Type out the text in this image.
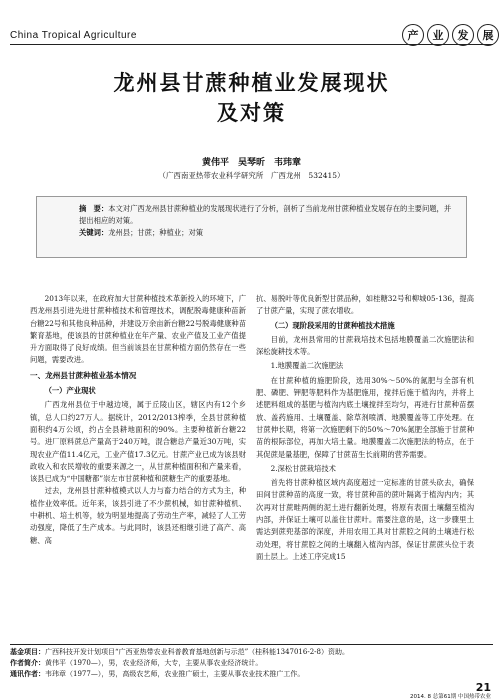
China Tropical Agriculture	产	业	发	展
龙州县甘蔗种植业发展现状
及对策
黄伟平　吴琴昕　韦玮章
（广西南亚热带农业科学研究所　广西龙州　532415）
摘　要：本文对广西龙州县甘蔗种植业的发展现状进行了分析，剖析了当前龙州甘蔗种植业发展存在的主要问题，并提出相应的对策。
关键词：龙州县；甘蔗；种植业；对策

2013年以来，在政府加大甘蔗种植技术革新投入的环境下，广西龙州县引进先进甘蔗种植技术和管理技术，调配脱毒健康种苗新台糖22号和其他良种品种，并建设万余亩新台糖22号脱毒健康种苗繁育基地，使该县的甘蔗种植业在年产量、农业产值及工业产值提升方面取得了良好成绩。但当前该县在甘蔗种植方面仍然存在一些问题，需要改进。

一、龙州县甘蔗种植业基本情况
（一）产业现状

广西龙州县位于中越边境，属于丘陵山区，辖区内有12个乡镇，总人口约27万人。据统计，2012/2013榨季，全县甘蔗种植面积约4万公顷，约占全县耕地面积的90%。主要种植新台糖22号。进厂原料蔗总产量高于240万吨，混合糖总产量近30万吨，实现农业产值11.4亿元，工业产值17.3亿元。甘蔗产业已成为该县财政收入和农民增收的重要来源之一，从甘蔗种植面积和产量来看，该县已成为“中国糖都”崇左市甘蔗种植和蔗糖生产的重要基地。

过去，龙州县甘蔗种植模式以人力与畜力结合的方式为主，种植作业效率低。近年来，该县引进了不少蔗机械，如甘蔗种植机、中耕机、培土机等，较为明显地提高了劳动生产率，减轻了人工劳动强度，降低了生产成本。与此同时，该县还相继引进了高产、高糖、高

抗、易脱叶等优良新型甘蔗品种，如桂糖32号和柳城05-136，提高了甘蔗产量，实现了蔗农增收。

（二）现阶段采用的甘蔗种植技术措施

目前，龙州县常用的甘蔗栽培技术包括地膜覆盖二次施肥法和深松旋耕技术等。

1.地膜覆盖二次施肥法

在甘蔗种植的施肥阶段，选用30%～50%的氮肥与全部有机肥、磷肥、钾肥等肥料作为基肥施用，搅拌后施于植沟内，并将上述肥料组成的基肥与植沟内底土壤搅拌至均匀，再进行甘蔗种苗摆放、盖药施用、土壤覆盖、除草剂喷洒、地膜覆盖等工序处理。在甘蔗伸长期，将第一次施肥剩下的50%～70%氮肥全部施于甘蔗种苗的根际部位，再加大培土量。地膜覆盖二次施肥法的特点，在于其促蔗是量基肥，保障了甘蔗苗生长前期的营养需要。

2.深松甘蔗栽培技术

首先将甘蔗种植区域内高度超过一定标准的甘蔗头砍去，确保田间甘蔗种苗的高度一致，将甘蔗种苗的蔗叶隔离于植沟内内；其次再对甘蔗畦两侧的泥土进行翻新处理，将原有表面土壤翻至植沟内部，并保证土壤可以盖住甘蔗叶。需要注意的是，这一步骤里土需达到蔗兜基部的深度，并用农用工具对甘蔗腔之间的土壤进行松动处理，将甘蔗腔之间的土壤翻入植沟内部，保证甘蔗蔗头位于表面土层上。上述工序完成15

基金项目：广西科技开发计划项目“广西亚热带农业科普教育基地创新与示范”（桂科能1347016-2-8）资助。
作者简介：黄伟平（1970—），男，农业经济师，大专，主要从事农业经济统计。
通讯作者：韦玮章（1977—），男，高级农艺师，农业推广硕士，主要从事农业技术推广工作。
21
2014. 8 总第61期 中国热带农业
